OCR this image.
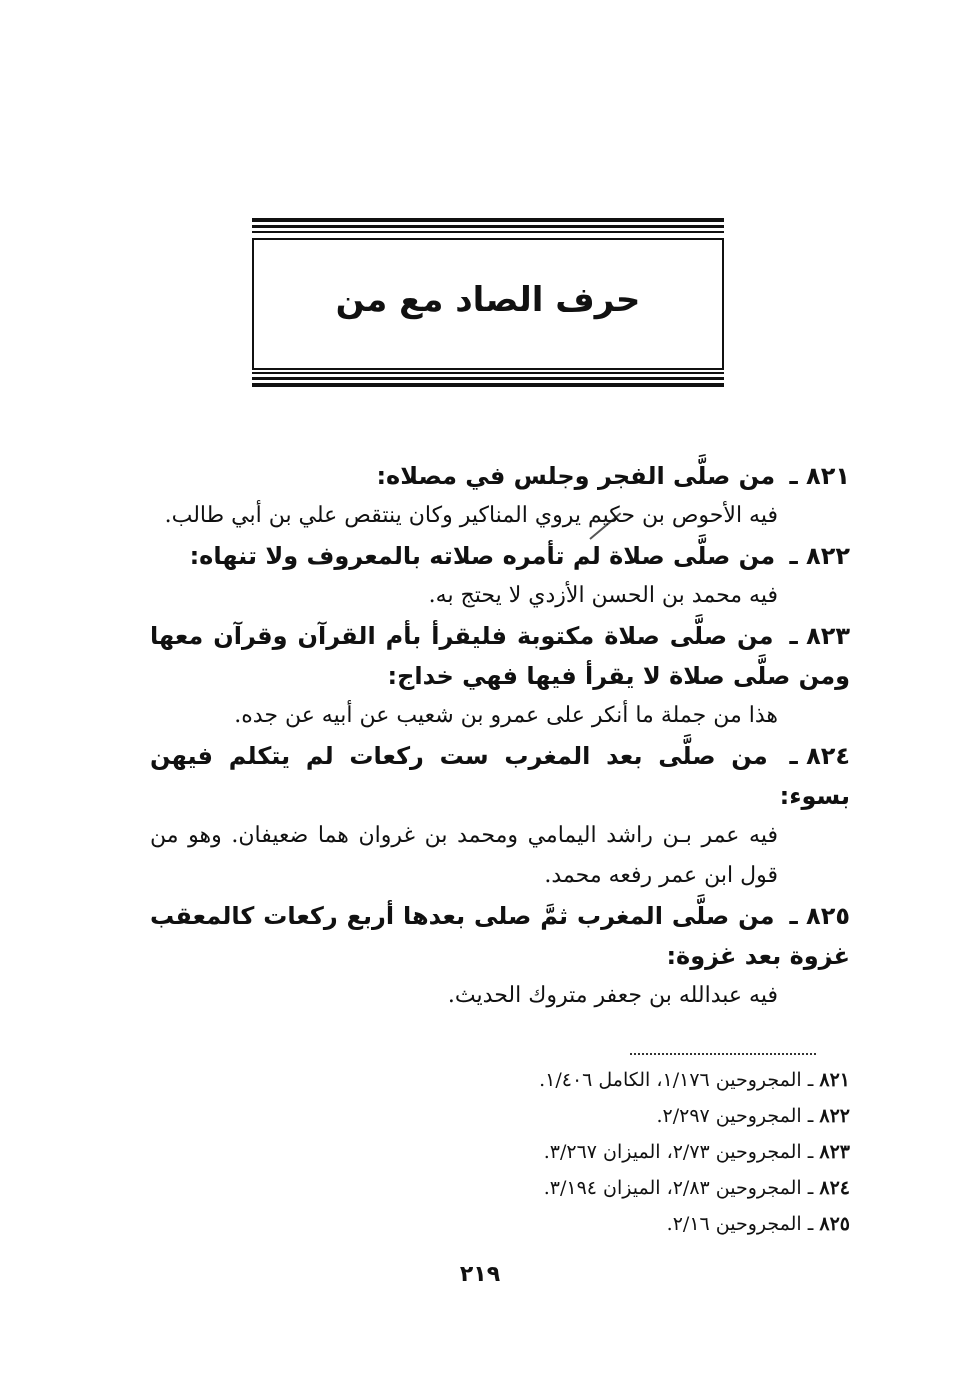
حرف الصاد مع من
٨٢١ ـ من صلَّى الفجر وجلس في مصلاه:
فيه الأحوص بن حكيم يروي المناكير وكان ينتقص علي بن أبي طالب.
٨٢٢ ـ من صلَّى صلاة لم تأمره صلاته بالمعروف ولا تنهاه:
فيه محمد بن الحسن الأزدي لا يحتج به.
٨٢٣ ـ من صلَّى صلاة مكتوبة فليقرأ بأم القرآن وقرآن معها ومن صلَّى صلاة لا يقرأ فيها فهي خداج:
هذا من جملة ما أنكر على عمرو بن شعيب عن أبيه عن جده.
٨٢٤ ـ من صلَّى بعد المغرب ست ركعات لم يتكلم فيهن بسوء:
فيه عمر بـن راشد اليمامي ومحمد بن غروان هما ضعيفان. وهو من قول ابن عمر رفعه محمد.
٨٢٥ ـ من صلَّى المغرب ثمَّ صلى بعدها أربع ركعات كالمعقب غزوة بعد غزوة:
فيه عبدالله بن جعفر متروك الحديث.
٨٢١ ـ المجروحين ١/١٧٦، الكامل ١/٤٠٦.
٨٢٢ ـ المجروحين ٢/٢٩٧.
٨٢٣ ـ المجروحين ٢/٧٣، الميزان ٣/٢٦٧.
٨٢٤ ـ المجروحين ٢/٨٣، الميزان ٣/١٩٤.
٨٢٥ ـ المجروحين ٢/١٦.
٢١٩
